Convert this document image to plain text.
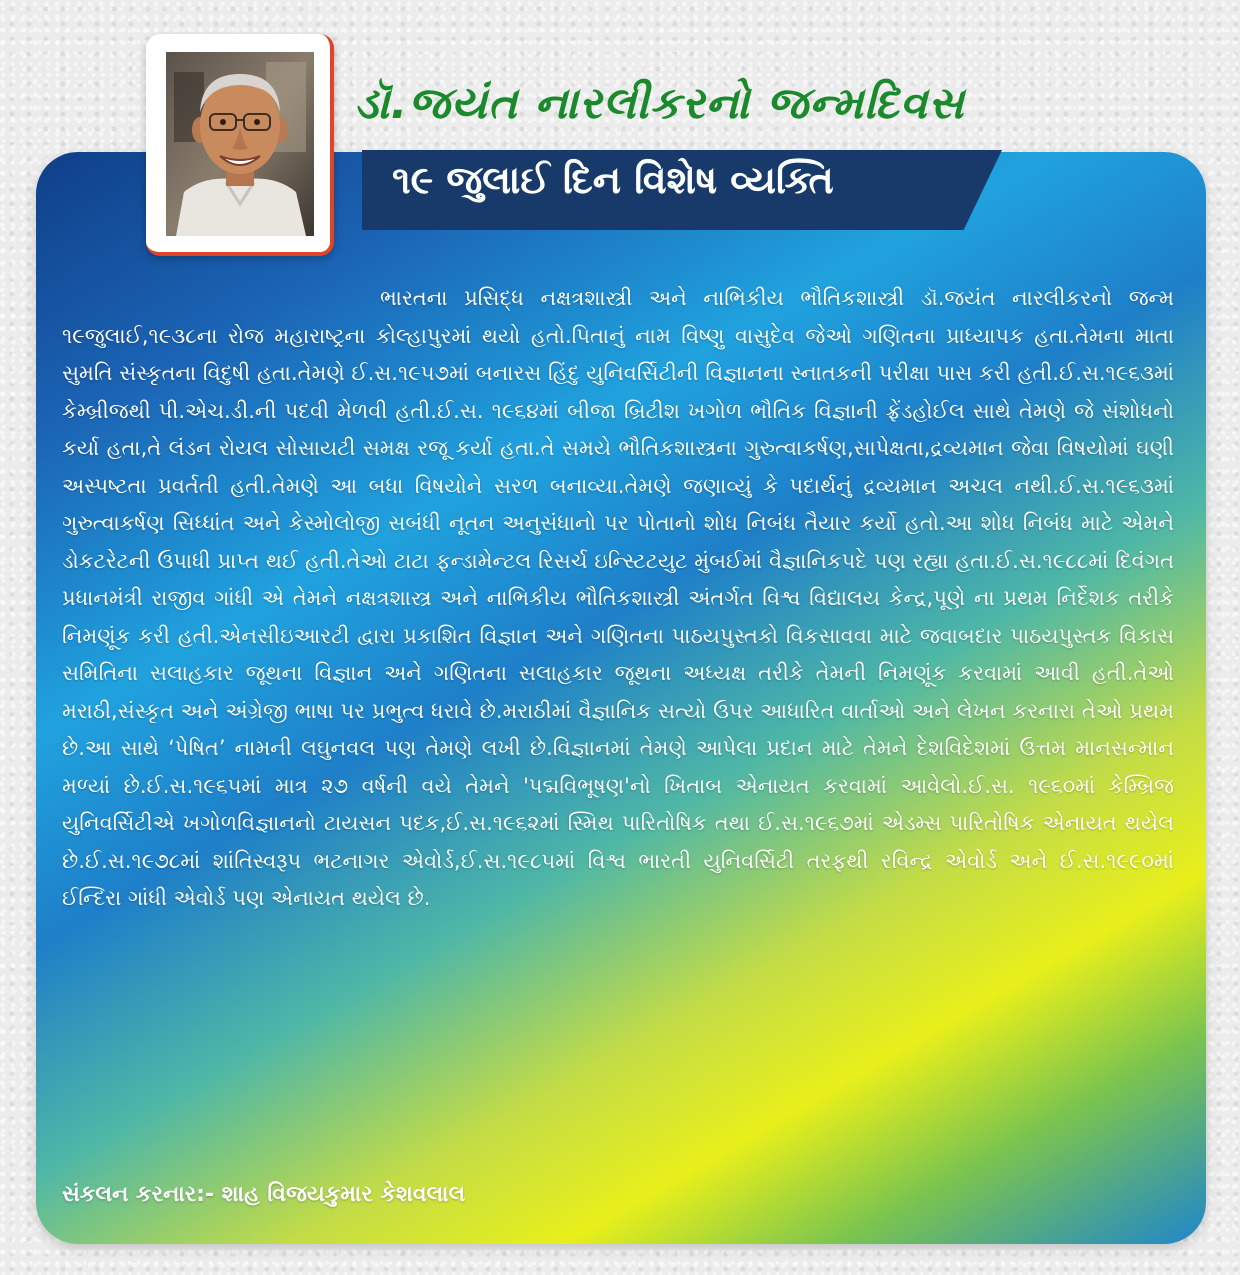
ડૉ.જયંત નારલીકરનો જન્મદિવસ
૧૯ જુલાઈ દિન વિશેષ વ્યક્તિ

ભારતના પ્રસિદ્ધ નક્ષત્રશાસ્ત્રી અને નાભિકીય ભૌતિકશાસ્ત્રી ડૉ.જયંત નારલીકરનો જન્મ ૧૯જુલાઈ,૧૯૩૮ના રોજ મહારાષ્ટ્રના કોલ્હાપુરમાં થયો હતો.પિતાનું નામ વિષ્ણુ વાસુદેવ જેઓ ગણિતના પ્રાધ્યાપક હતા.તેમના માતા સુમતિ સંસ્કૃતના વિદુષી હતા.તેમણે ઈ.સ.૧૯૫૭માં બનારસ હિંદુ યુનિવર્સિટીની વિજ્ઞાનના સ્નાતકની પરીક્ષા પાસ કરી હતી.ઈ.સ.૧૯૬૩માં કેમ્બ્રીજથી પી.એચ.ડી.ની પદવી મેળવી હતી.ઈ.સ. ૧૯૬૪માં બીજા બ્રિટીશ ખગોળ ભૌતિક વિજ્ઞાની ફ્રેંડહોઈલ સાથે તેમણે જે સંશોધનો કર્યા હતા,તે લંડન રોયલ સોસાયટી સમક્ષ રજૂ કર્યા હતા.તે સમયે ભૌતિકશાસ્ત્રના ગુરુત્વાકર્ષણ,સાપેક્ષતા,દ્રવ્યમાન જેવા વિષયોમાં ઘણી અસ્પષ્ટતા પ્રવર્તતી હતી.તેમણે આ બધા વિષયોને સરળ બનાવ્યા.તેમણે જણાવ્યું કે પદાર્થનું દ્રવ્યમાન અચલ નથી.ઈ.સ.૧૯૬૩માં ગુરુત્વાકર્ષણ સિધ્ધાંત અને કેસ્મોલોજી સબંધી નૂતન અનુસંધાનો પર પોતાનો શોધ નિબંધ તૈયાર કર્યો હતો.આ શોધ નિબંધ માટે એમને ડોકટરેટની ઉપાધી પ્રાપ્ત થઈ હતી.તેઓ ટાટા ફન્ડામેન્ટલ રિસર્ચ ઇન્સ્ટિટયુટ મુંબઈમાં વૈજ્ઞાનિકપદે પણ રહ્યા હતા.ઈ.સ.૧૯૮૮માં દિવંગત પ્રધાનમંત્રી રાજીવ ગાંધી એ તેમને નક્ષત્રશાસ્ત્ર અને નાભિકીય ભૌતિકશાસ્ત્રી અંતર્ગત વિશ્વ વિદ્યાલય કેન્દ્ર,પૂણે ના પ્રથમ નિર્દેશક તરીકે નિમણૂંક કરી હતી.એનસીઇઆરટી દ્વારા પ્રકાશિત વિજ્ઞાન અને ગણિતના પાઠયપુસ્તકો વિકસાવવા માટે જવાબદાર પાઠયપુસ્તક વિકાસ સમિતિના સલાહકાર જૂથના વિજ્ઞાન અને ગણિતના સલાહકાર જૂથના અધ્યક્ષ તરીકે તેમની નિમણૂંક કરવામાં આવી હતી.તેઓ મરાઠી,સંસ્કૃત અને અંગ્રેજી ભાષા પર પ્રભુત્વ ધરાવે છે.મરાઠીમાં વૈજ્ઞાનિક સત્યો ઉપર આધારિત વાર્તાઓ અને લેખન કરનારા તેઓ પ્રથમ છે.આ સાથે ‘પેષિત’ નામની લઘુનવલ પણ તેમણે લખી છે.વિજ્ઞાનમાં તેમણે આપેલા પ્રદાન માટે તેમને દેશવિદેશમાં ઉત્તમ માનસન્માન મળ્યાં છે.ઈ.સ.૧૯૬૫માં માત્ર ૨૭ વર્ષની વયે તેમને 'પદ્મવિભૂષણ'નો ખિતાબ એનાયત કરવામાં આવેલો.ઈ.સ. ૧૯૬૦માં કેમ્બ્રિજ યુનિવર્સિટીએ ખગોળવિજ્ઞાનનો ટાયસન પદક,ઈ.સ.૧૯૬૨માં સ્મિથ પારિતોષિક તથા ઈ.સ.૧૯૬૭માં એડમ્સ પારિતોષિક એનાયત થયેલ છે.ઈ.સ.૧૯૭૮માં શાંતિસ્વરૂપ ભટનાગર એવોર્ડ,ઈ.સ.૧૯૮૫માં વિશ્વ ભારતી યુનિવર્સિટી તરફથી રવિન્દ્ર એવોર્ડ અને ઈ.સ.૧૯૯૦માં ઈન્દિરા ગાંધી એવોર્ડ પણ એનાયત થયેલ છે.

સંકલન કરનાર:- શાહ વિજયકુમાર કેશવલાલ
